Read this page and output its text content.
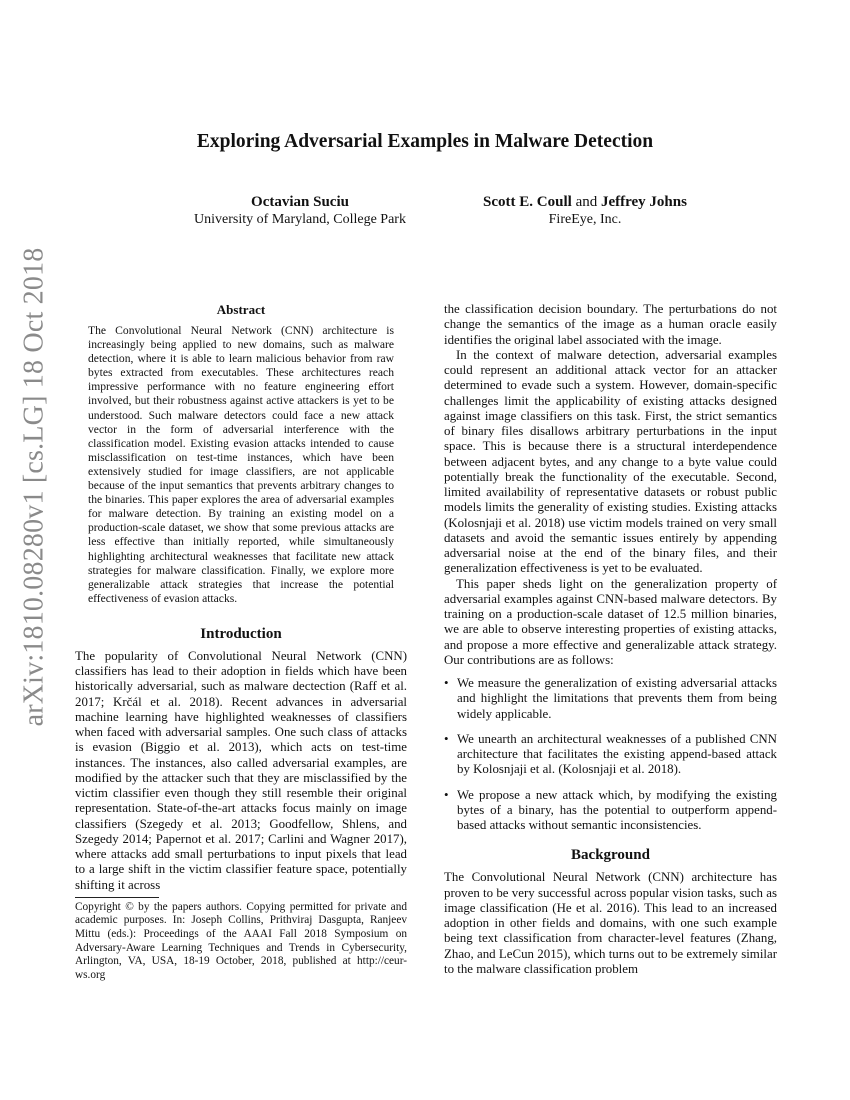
arXiv:1810.08280v1 [cs.LG] 18 Oct 2018
Exploring Adversarial Examples in Malware Detection
Octavian Suciu
University of Maryland, College Park
Scott E. Coull and Jeffrey Johns
FireEye, Inc.
Abstract
The Convolutional Neural Network (CNN) architecture is increasingly being applied to new domains, such as malware detection, where it is able to learn malicious behavior from raw bytes extracted from executables. These architectures reach impressive performance with no feature engineering effort involved, but their robustness against active attackers is yet to be understood. Such malware detectors could face a new attack vector in the form of adversarial interference with the classification model. Existing evasion attacks intended to cause misclassification on test-time instances, which have been extensively studied for image classifiers, are not applicable because of the input semantics that prevents arbitrary changes to the binaries. This paper explores the area of adversarial examples for malware detection. By training an existing model on a production-scale dataset, we show that some previous attacks are less effective than initially reported, while simultaneously highlighting architectural weaknesses that facilitate new attack strategies for malware classification. Finally, we explore more generalizable attack strategies that increase the potential effectiveness of evasion attacks.
Introduction

The popularity of Convolutional Neural Network (CNN) classifiers has lead to their adoption in fields which have been historically adversarial, such as malware dectection (Raff et al. 2017; Krčál et al. 2018). Recent advances in adversarial machine learning have highlighted weaknesses of classifiers when faced with adversarial samples. One such class of attacks is evasion (Biggio et al. 2013), which acts on test-time instances. The instances, also called adversarial examples, are modified by the attacker such that they are misclassified by the victim classifier even though they still resemble their original representation. State-of-the-art attacks focus mainly on image classifiers (Szegedy et al. 2013; Goodfellow, Shlens, and Szegedy 2014; Papernot et al. 2017; Carlini and Wagner 2017), where attacks add small perturbations to input pixels that lead to a large shift in the victim classifier feature space, potentially shifting it across

Copyright © by the papers authors. Copying permitted for private and academic purposes. In: Joseph Collins, Prithviraj Dasgupta, Ranjeev Mittu (eds.): Proceedings of the AAAI Fall 2018 Symposium on Adversary-Aware Learning Techniques and Trends in Cybersecurity, Arlington, VA, USA, 18-19 October, 2018, published at http://ceur-ws.org

the classification decision boundary. The perturbations do not change the semantics of the image as a human oracle easily identifies the original label associated with the image.

In the context of malware detection, adversarial examples could represent an additional attack vector for an attacker determined to evade such a system. However, domain-specific challenges limit the applicability of existing attacks designed against image classifiers on this task. First, the strict semantics of binary files disallows arbitrary perturbations in the input space. This is because there is a structural interdependence between adjacent bytes, and any change to a byte value could potentially break the functionality of the executable. Second, limited availability of representative datasets or robust public models limits the generality of existing studies. Existing attacks (Kolosnjaji et al. 2018) use victim models trained on very small datasets and avoid the semantic issues entirely by appending adversarial noise at the end of the binary files, and their generalization effectiveness is yet to be evaluated.

This paper sheds light on the generalization property of adversarial examples against CNN-based malware detectors. By training on a production-scale dataset of 12.5 million binaries, we are able to observe interesting properties of existing attacks, and propose a more effective and generalizable attack strategy. Our contributions are as follows:

• We measure the generalization of existing adversarial attacks and highlight the limitations that prevents them from being widely applicable.
• We unearth an architectural weaknesses of a published CNN architecture that facilitates the existing append-based attack by Kolosnjaji et al. (Kolosnjaji et al. 2018).
• We propose a new attack which, by modifying the existing bytes of a binary, has the potential to outperform append-based attacks without semantic inconsistencies.
Background

The Convolutional Neural Network (CNN) architecture has proven to be very successful across popular vision tasks, such as image classification (He et al. 2016). This lead to an increased adoption in other fields and domains, with one such example being text classification from character-level features (Zhang, Zhao, and LeCun 2015), which turns out to be extremely similar to the malware classification problem
